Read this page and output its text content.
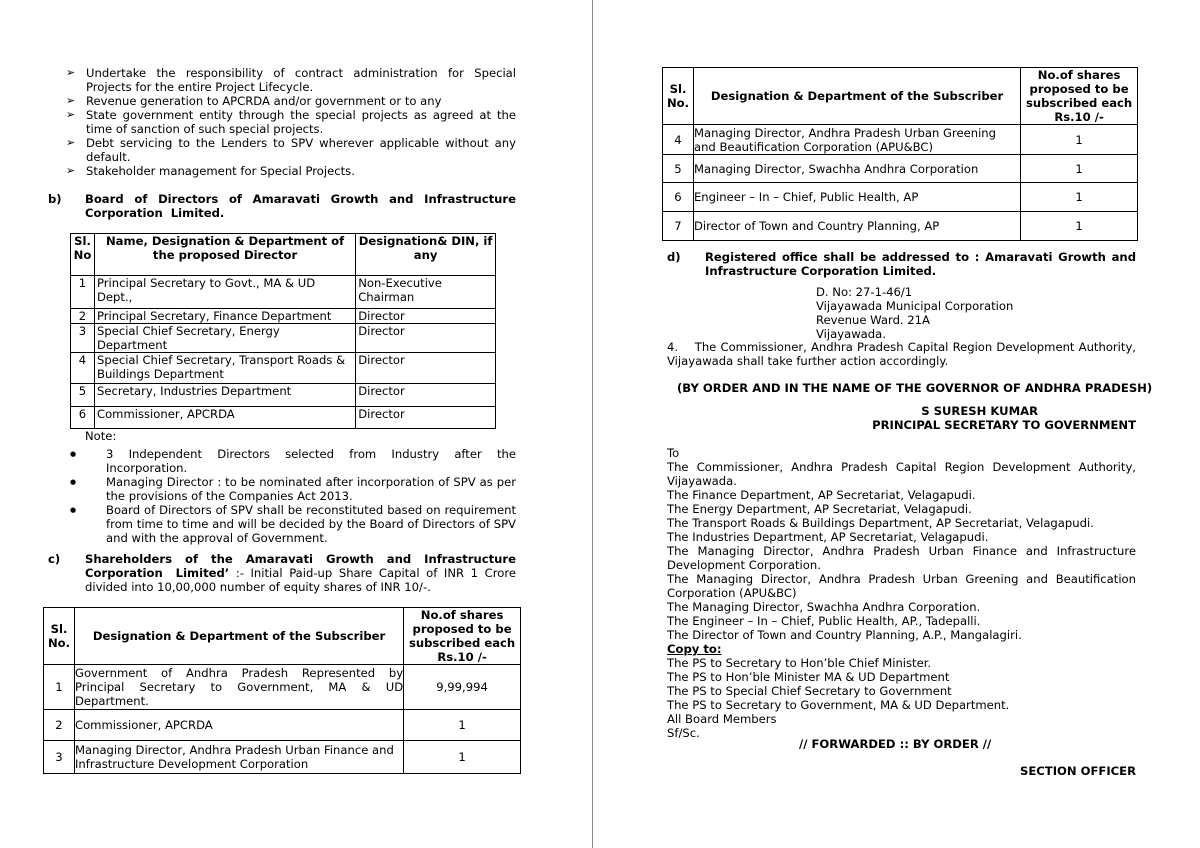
➢ Undertake the responsibility of contract administration for Special Projects for the entire Project Lifecycle.
➢ Revenue generation to APCRDA and/or government or to any
➢ State government entity through the special projects as agreed at the time of sanction of such special projects.
➢ Debt servicing to the Lenders to SPV wherever applicable without any default.
➢ Stakeholder management for Special Projects.
b) Board of Directors of Amaravati Growth and Infrastructure Corporation Limited.
Sl. No	Name, Designation & Department of the proposed Director	Designation& DIN, if any
1	Principal Secretary to Govt., MA & UD Dept.,	Non-Executive Chairman
2	Principal Secretary, Finance Department	Director
3	Special Chief Secretary, Energy Department	Director
4	Special Chief Secretary, Transport Roads & Buildings Department	Director
5	Secretary, Industries Department	Director
6	Commissioner, APCRDA	Director
Note:
● 3 Independent Directors selected from Industry after the Incorporation.
● Managing Director : to be nominated after incorporation of SPV as per the provisions of the Companies Act 2013.
● Board of Directors of SPV shall be reconstituted based on requirement from time to time and will be decided by the Board of Directors of SPV and with the approval of Government.
c) Shareholders of the Amaravati Growth and Infrastructure Corporation Limited’ :- Initial Paid-up Share Capital of INR 1 Crore divided into 10,00,000 number of equity shares of INR 10/-.
Sl. No.	Designation & Department of the Subscriber	No.of shares proposed to be subscribed each Rs.10 /-
1	Government of Andhra Pradesh Represented by Principal Secretary to Government, MA & UD Department.	9,99,994
2	Commissioner, APCRDA	1
3	Managing Director, Andhra Pradesh Urban Finance and Infrastructure Development Corporation	1
Sl. No.	Designation & Department of the Subscriber	No.of shares proposed to be subscribed each Rs.10 /-
4	Managing Director, Andhra Pradesh Urban Greening and Beautification Corporation (APU&BC)	1
5	Managing Director, Swachha Andhra Corporation	1
6	Engineer – In – Chief, Public Health, AP	1
7	Director of Town and Country Planning, AP	1
d) Registered office shall be addressed to : Amaravati Growth and Infrastructure Corporation Limited.
D. No: 27-1-46/1
Vijayawada Municipal Corporation
Revenue Ward. 21A
Vijayawada.
4.    The Commissioner, Andhra Pradesh Capital Region Development Authority, Vijayawada shall take further action accordingly.
(BY ORDER AND IN THE NAME OF THE GOVERNOR OF ANDHRA PRADESH)
S SURESH KUMAR
PRINCIPAL SECRETARY TO GOVERNMENT
To
The Commissioner, Andhra Pradesh Capital Region Development Authority, Vijayawada.
The Finance Department, AP Secretariat, Velagapudi.
The Energy Department, AP Secretariat, Velagapudi.
The Transport Roads & Buildings Department, AP Secretariat, Velagapudi.
The Industries Department, AP Secretariat, Velagapudi.
The Managing Director, Andhra Pradesh Urban Finance and Infrastructure Development Corporation.
The Managing Director, Andhra Pradesh Urban Greening and Beautification Corporation (APU&BC)
The Managing Director, Swachha Andhra Corporation.
The Engineer – In – Chief, Public Health, AP., Tadepalli.
The Director of Town and Country Planning, A.P., Mangalagiri.
Copy to:
The PS to Secretary to Hon’ble Chief Minister.
The PS to Hon’ble Minister MA & UD Department
The PS to Special Chief Secretary to Government
The PS to Secretary to Government, MA & UD Department.
All Board Members
Sf/Sc.
// FORWARDED :: BY ORDER //
SECTION OFFICER
